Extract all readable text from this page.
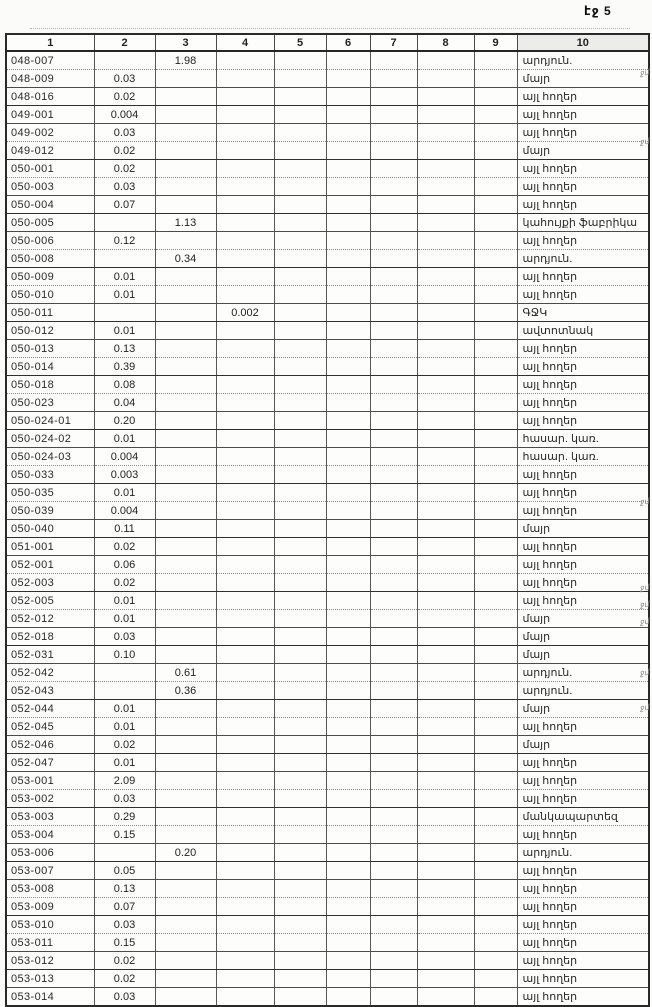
էջ 5
1	2	3	4	5	6	7	8	9	10
048-007		1.98							արդյուն.
048-009	0.03								մայր
048-016	0.02								այլ հողեր
049-001	0.004								այլ հողեր
049-002	0.03								այլ հողեր
049-012	0.02								մայր
050-001	0.02								այլ հողեր
050-003	0.03								այլ հողեր
050-004	0.07								այլ հողեր
050-005		1.13							կահույքի ֆաբրիկա
050-006	0.12								այլ հողեր
050-008		0.34							արդյուն.
050-009	0.01								այլ հողեր
050-010	0.01								այլ հողեր
050-011			0.002						ԳՋԿ
050-012	0.01								ավտոտնակ
050-013	0.13								այլ հողեր
050-014	0.39								այլ հողեր
050-018	0.08								այլ հողեր
050-023	0.04								այլ հողեր
050-024-01	0.20								այլ հողեր
050-024-02	0.01								հասար. կառ.
050-024-03	0.004								հասար. կառ.
050-033	0.003								այլ հողեր
050-035	0.01								այլ հողեր
050-039	0.004								այլ հողեր
050-040	0.11								մայր
051-001	0.02								այլ հողեր
052-001	0.06								այլ հողեր
052-003	0.02								այլ հողեր
052-005	0.01								այլ հողեր
052-012	0.01								մայր
052-018	0.03								մայր
052-031	0.10								մայր
052-042		0.61							արդյուն.
052-043		0.36							արդյուն.
052-044	0.01								մայր
052-045	0.01								այլ հողեր
052-046	0.02								մայր
052-047	0.01								այլ հողեր
053-001	2.09								այլ հողեր
053-002	0.03								այլ հողեր
053-003	0.29								մանկապարտեզ
053-004	0.15								այլ հողեր
053-006		0.20							արդյուն.
053-007	0.05								այլ հողեր
053-008	0.13								այլ հողեր
053-009	0.07								այլ հողեր
053-010	0.03								այլ հողեր
053-011	0.15								այլ հողեր
053-012	0.02								այլ հողեր
053-013	0.02								այլ հողեր
053-014	0.03								այլ հողեր
ջմ
ջմ
ջմ
ջմ
ջմ
ջմ
ջմ
ջմ
